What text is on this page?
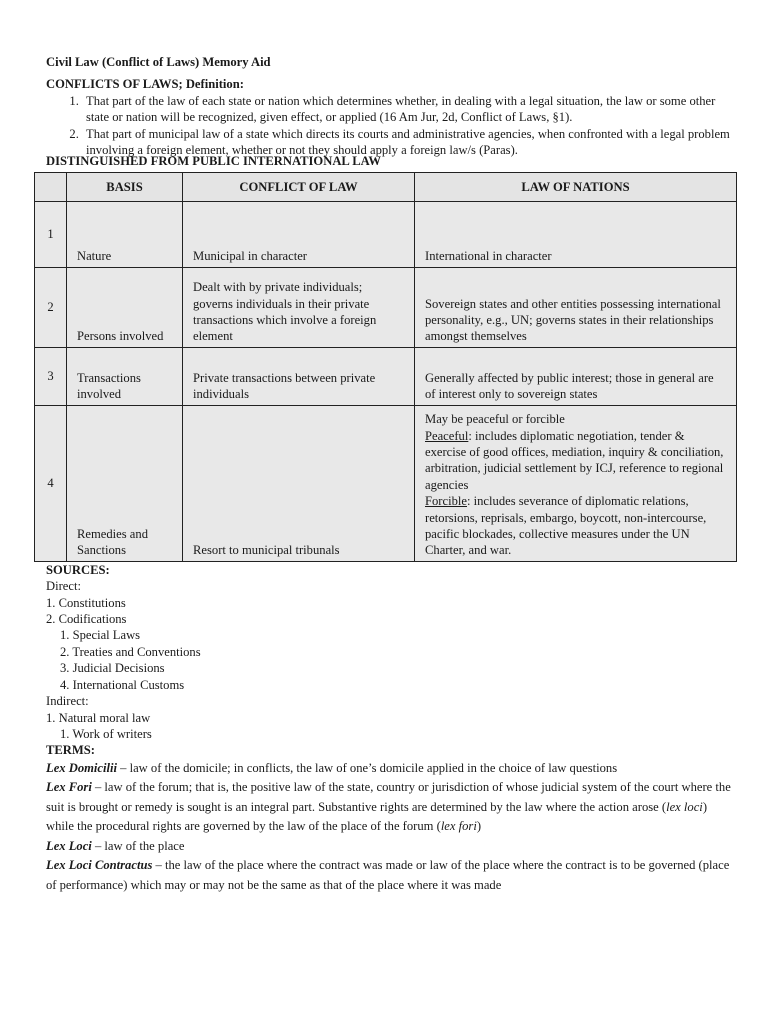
Civil Law (Conflict of Laws) Memory Aid
CONFLICTS OF LAWS; Definition:
1. That part of the law of each state or nation which determines whether, in dealing with a legal situation, the law or some other state or nation will be recognized, given effect, or applied (16 Am Jur, 2d, Conflict of Laws, §1).
2. That part of municipal law of a state which directs its courts and administrative agencies, when confronted with a legal problem involving a foreign element, whether or not they should apply a foreign law/s (Paras).
DISTINGUISHED FROM PUBLIC INTERNATIONAL LAW
	BASIS	CONFLICT OF LAW	LAW OF NATIONS
1	Nature	Municipal in character	International in character
2	Persons involved	Dealt with by private individuals; governs individuals in their private transactions which involve a foreign element	Sovereign states and other entities possessing international personality, e.g., UN; governs states in their relationships amongst themselves
3	Transactions involved	Private transactions between private individuals	Generally affected by public interest; those in general are of interest only to sovereign states
4	Remedies and Sanctions	Resort to municipal tribunals	May be peaceful or forcible
Peaceful: includes diplomatic negotiation, tender & exercise of good offices, mediation, inquiry & conciliation, arbitration, judicial settlement by ICJ, reference to regional agencies
Forcible: includes severance of diplomatic relations, retorsions, reprisals, embargo, boycott, non-intercourse, pacific blockades, collective measures under the UN Charter, and war.
SOURCES:
Direct:
1. Constitutions
2. Codifications
1. Special Laws
2. Treaties and Conventions
3. Judicial Decisions
4. International Customs
Indirect:
1. Natural moral law
1. Work of writers
TERMS:
Lex Domicilii – law of the domicile; in conflicts, the law of one’s domicile applied in the choice of law questions
Lex Fori – law of the forum; that is, the positive law of the state, country or jurisdiction of whose judicial system of the court where the suit is brought or remedy is sought is an integral part. Substantive rights are determined by the law where the action arose (lex loci) while the procedural rights are governed by the law of the place of the forum (lex fori)
Lex Loci – law of the place
Lex Loci Contractus – the law of the place where the contract was made or law of the place where the contract is to be governed (place of performance) which may or may not be the same as that of the place where it was made
